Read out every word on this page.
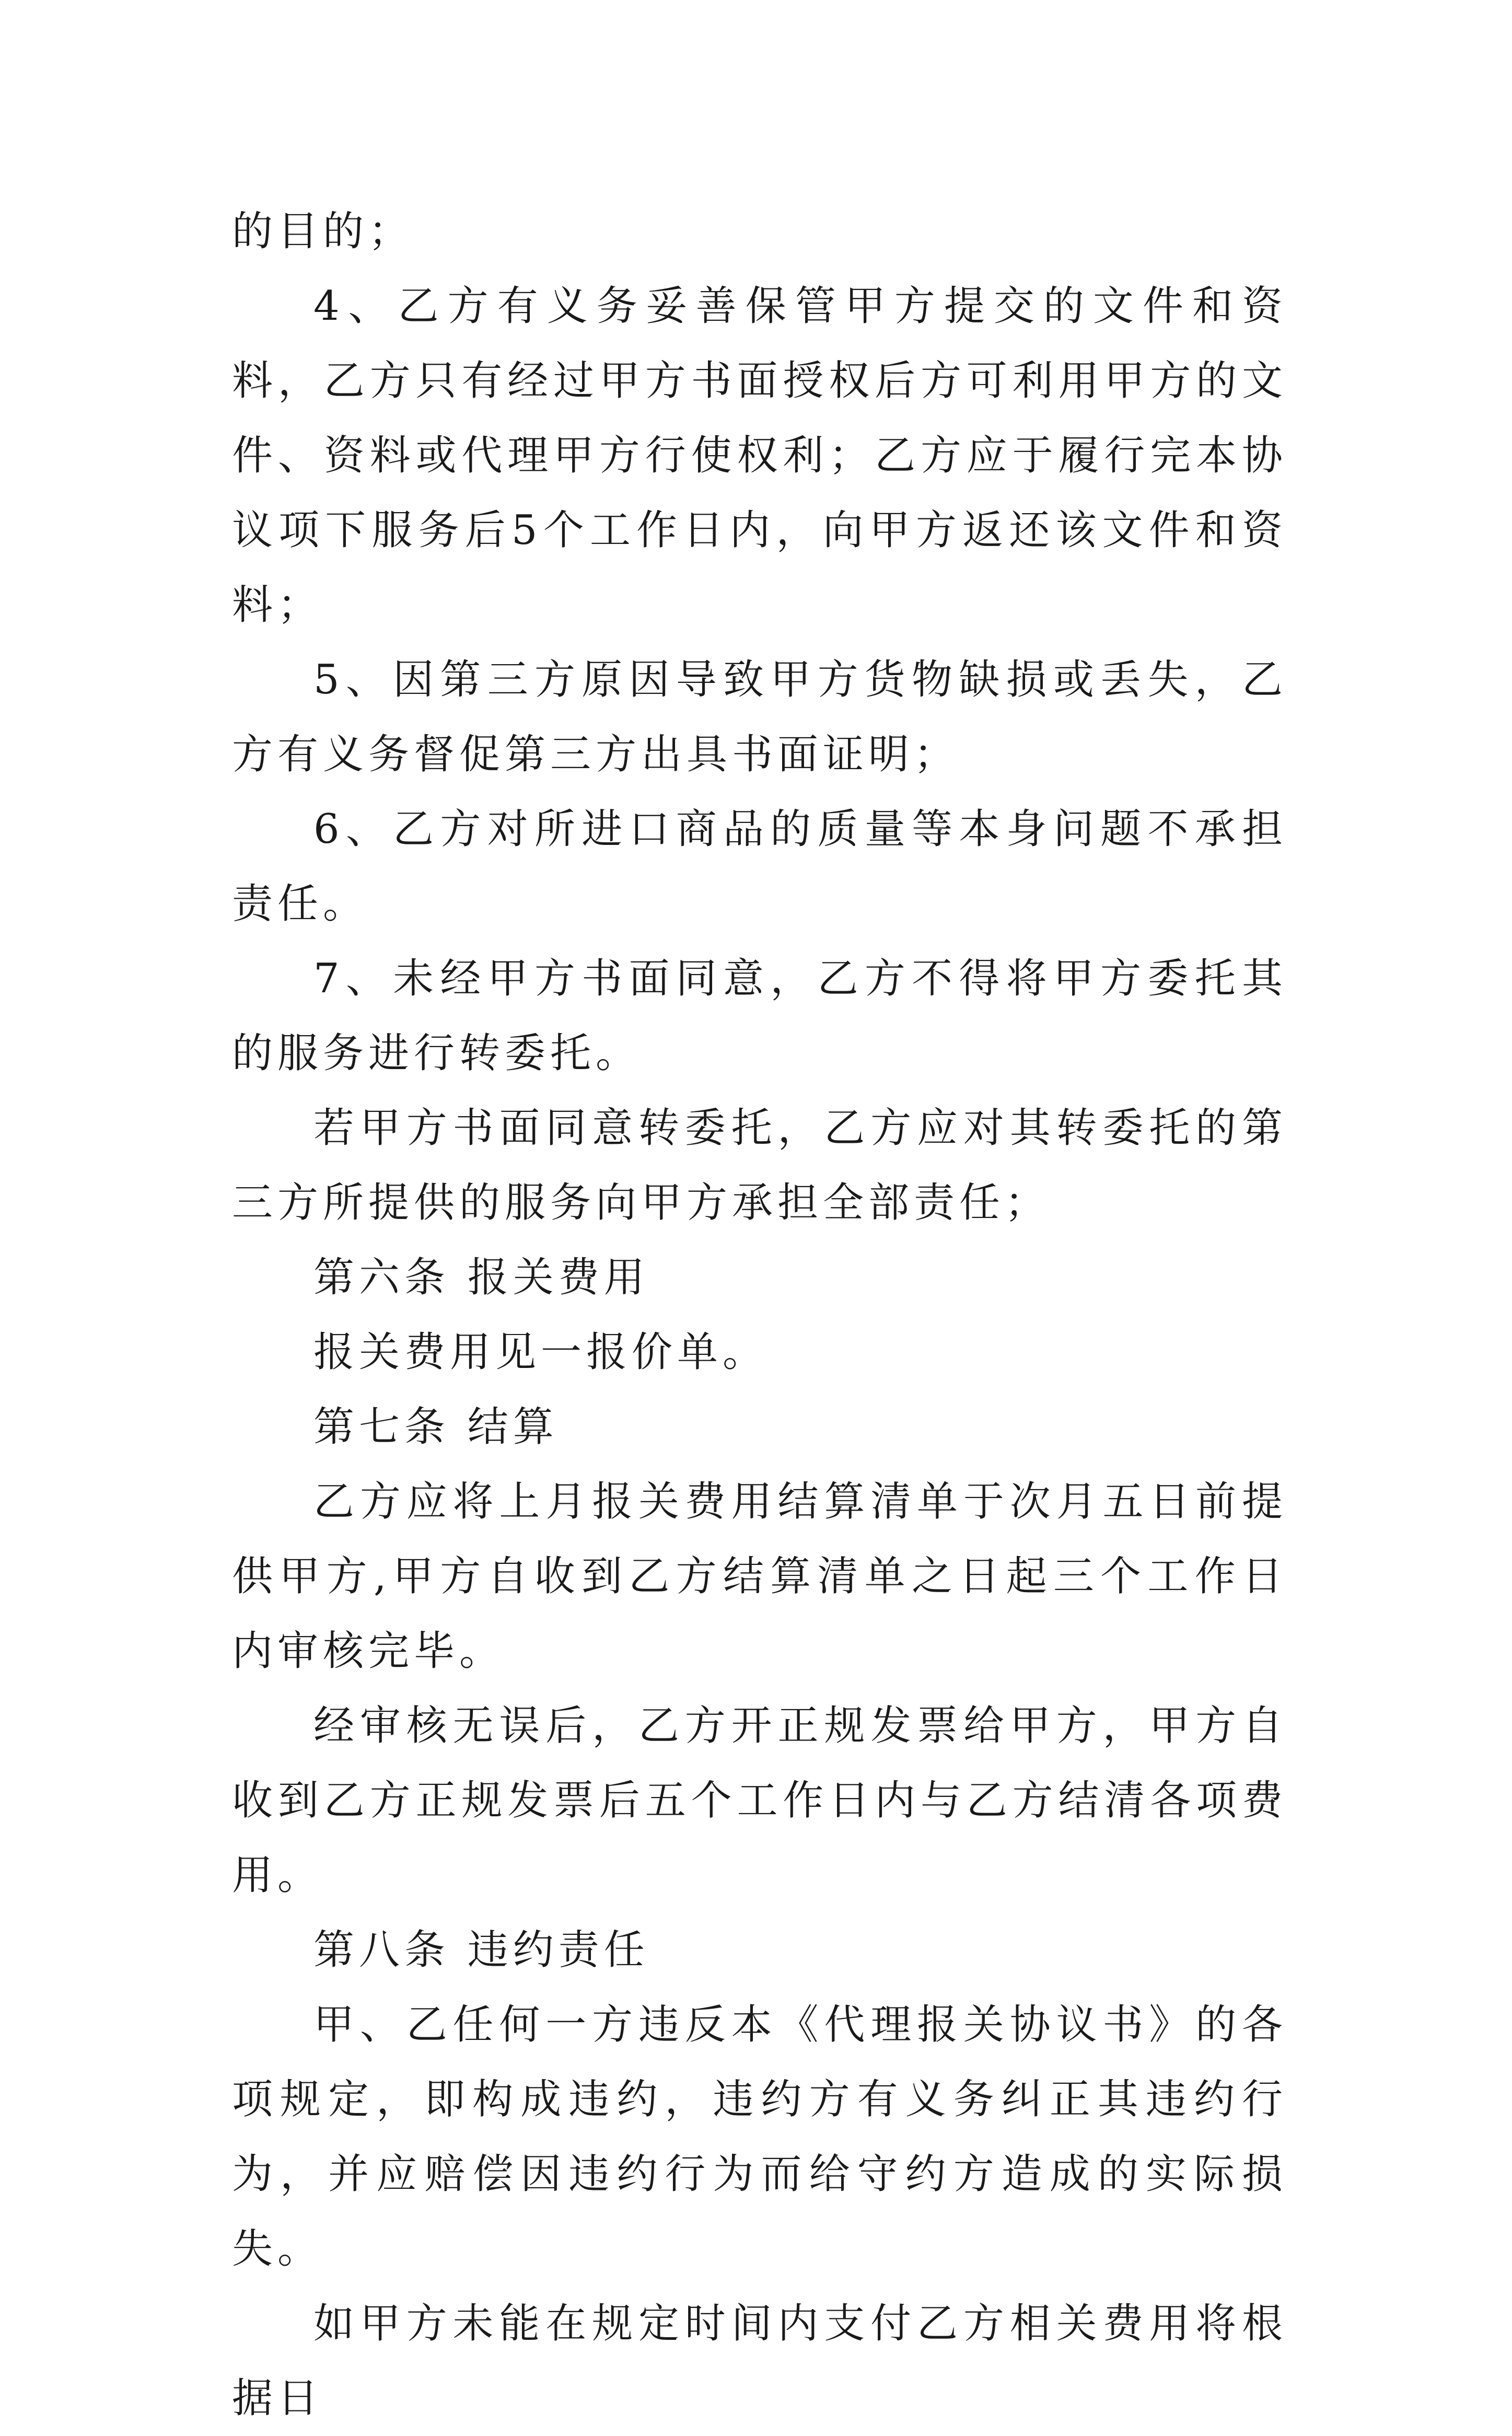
的目的；

4、乙方有义务妥善保管甲方提交的文件和资料，乙方只有经过甲方书面授权后方可利用甲方的文件、资料或代理甲方行使权利；乙方应于履行完本协议项下服务后5个工作日内，向甲方返还该文件和资料；

5、因第三方原因导致甲方货物缺损或丢失，乙方有义务督促第三方出具书面证明；

6、乙方对所进口商品的质量等本身问题不承担责任。

7、未经甲方书面同意，乙方不得将甲方委托其的服务进行转委托。

若甲方书面同意转委托，乙方应对其转委托的第三方所提供的服务向甲方承担全部责任；

第六条 报关费用

报关费用见一报价单。

第七条 结算

乙方应将上月报关费用结算清单于次月五日前提供甲方,甲方自收到乙方结算清单之日起三个工作日内审核完毕。

经审核无误后，乙方开正规发票给甲方，甲方自收到乙方正规发票后五个工作日内与乙方结清各项费用。

第八条 违约责任

甲、乙任何一方违反本《代理报关协议书》的各项规定，即构成违约，违约方有义务纠正其违约行为，并应赔偿因违约行为而给守约方造成的实际损失。

如甲方未能在规定时间内支付乙方相关费用将根据日
